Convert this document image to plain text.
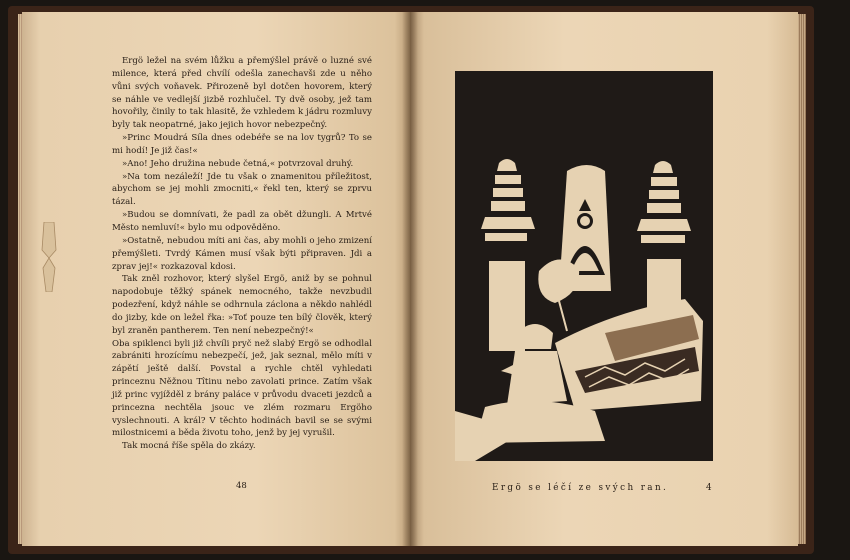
Ergö ležel na svém lůžku a přemýšlel právě o luzné své milence, která před chvílí odešla zanechavši zde u něho vůni svých voňavek. Přirozeně byl dotčen hovorem, který se náhle ve vedlejší jizbě rozhlučel. Ty dvě osoby, jež tam hovořily, činily to tak hlasitě, že vzhledem k jádru rozmluvy byly tak neopatrné, jako jejich hovor nebezpečný.

»Princ Moudrá Síla dnes odebéře se na lov tygrů? To se mi hodí! Je již čas!«

»Ano! Jeho družina nebude četná,« potvrzoval druhý.

»Na tom nezáleží! Jde tu však o znamenitou příležitost, abychom se jej mohli zmocniti,« řekl ten, který se zprvu tázal.

»Budou se domnívati, že padl za obět džungli. A Mrtvé Město nemluví!« bylo mu odpověděno.

»Ostatně, nebudou míti ani čas, aby mohli o jeho zmizení přemýšleti. Tvrdý Kámen musí však býti připraven. Jdi a zprav jej!« rozkazoval kdosi.

Tak zněl rozhovor, který slyšel Ergö, aniž by se pohnul napodobuje těžký spánek nemocného, takže nevzbudil podezření, když náhle se odhrnula záclona a někdo nahlédl do jizby, kde on ležel řka: »Toť pouze ten bílý člověk, který byl zraněn pantherem. Ten není nebezpečný!«

Oba spiklenci byli již chvíli pryč než slabý Ergö se odhodlal zabrániti hrozícímu nebezpečí, jež, jak seznal, mělo míti v zápětí ještě další. Povstal a rychle chtěl vyhledati princeznu Něžnou Tîtinu nebo zavolati prince. Zatím však již princ vyjížděl z brány paláce v průvodu dvaceti jezdců a princezna nechtěla jsouc ve zlém rozmaru Ergöho vyslechnouti. A král? V těchto hodinách bavil se se svými milostnicemi a běda životu toho, jenž by jej vyrušil.

Tak mocná říše spěla do zkázy.

48	Ergö se léčí ze svých ran.	4
